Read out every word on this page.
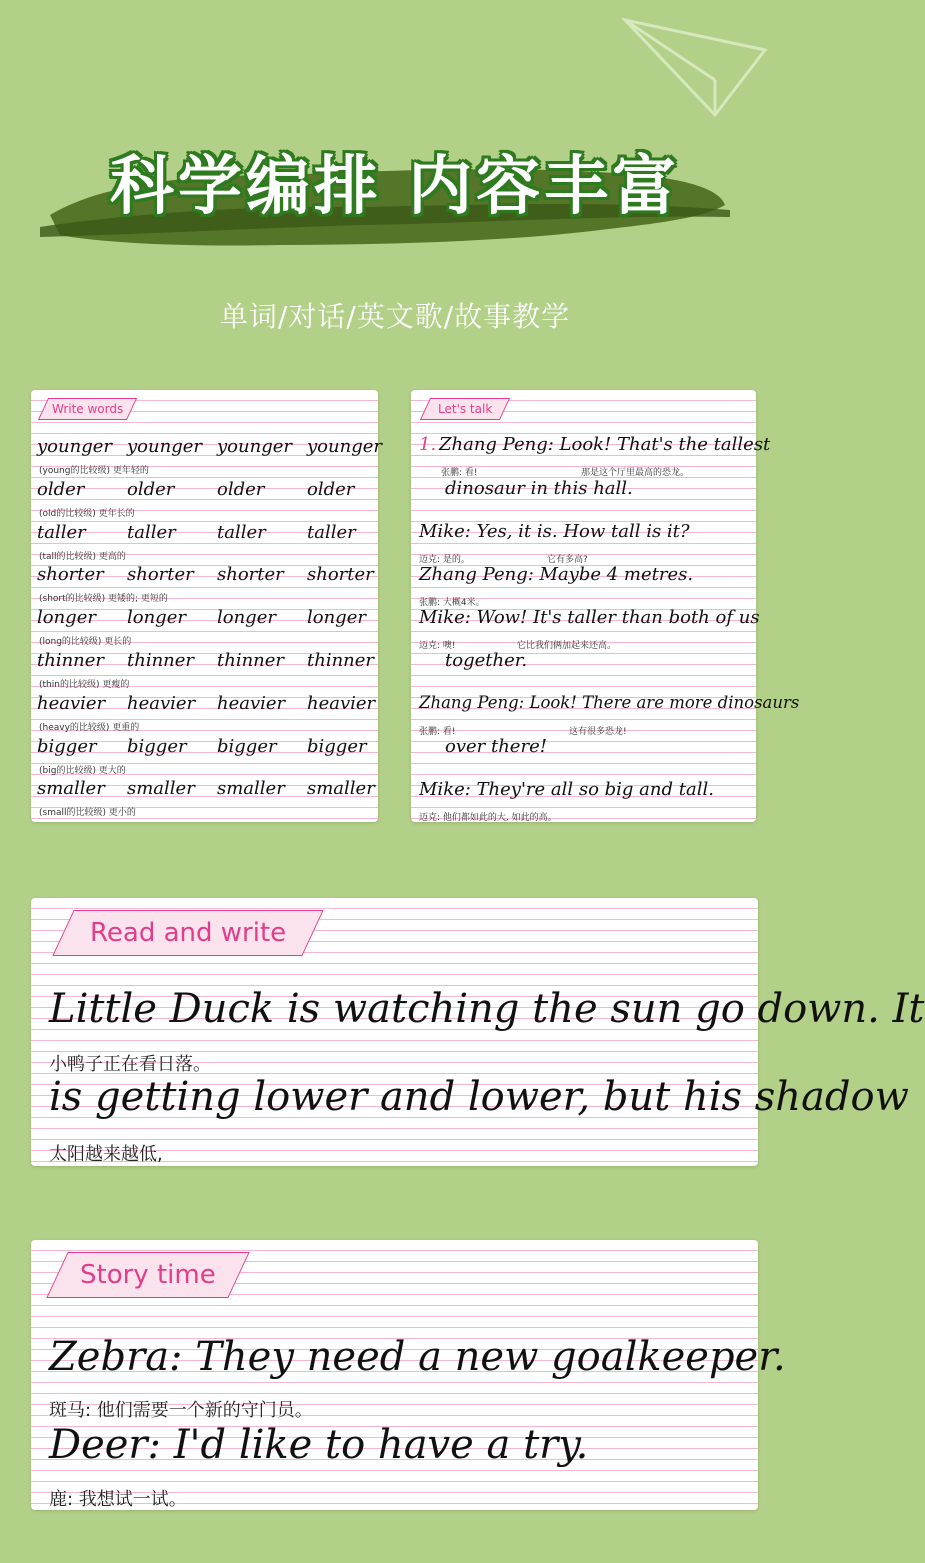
科学编排 内容丰富
单词/对话/英文歌/故事教学
Write words
younger younger younger younger
(young的比较级) 更年轻的
older older older older
(old的比较级) 更年长的
taller taller taller taller
(tall的比较级) 更高的
shorter shorter shorter shorter
(short的比较级) 更矮的; 更短的
longer longer longer longer
(long的比较级) 更长的
thinner thinner thinner thinner
(thin的比较级) 更瘦的
heavier heavier heavier heavier
(heavy的比较级) 更重的
bigger bigger bigger bigger
(big的比较级) 更大的
smaller smaller smaller smaller
(small的比较级) 更小的
Let's talk
1. Zhang Peng: Look! That's the tallest
张鹏: 看!	那是这个厅里最高的恐龙。
dinosaur in this hall.
Mike: Yes, it is. How tall is it?
迈克: 是的。	它有多高?
Zhang Peng: Maybe 4 metres.
张鹏: 大概4米。
Mike: Wow! It's taller than both of us
迈克: 噢!	它比我们俩加起来还高。
together.
Zhang Peng: Look! There are more dinosaurs
张鹏: 看!	这有很多恐龙!
over there!
Mike: They're all so big and tall.
迈克: 他们都如此的大, 如此的高。
Read and write
Little Duck is watching the sun go down. It
小鸭子正在看日落。
is getting lower and lower, but his shadow
太阳越来越低,
Story time
Zebra: They need a new goalkeeper.
斑马: 他们需要一个新的守门员。
Deer: I'd like to have a try.
鹿: 我想试一试。
